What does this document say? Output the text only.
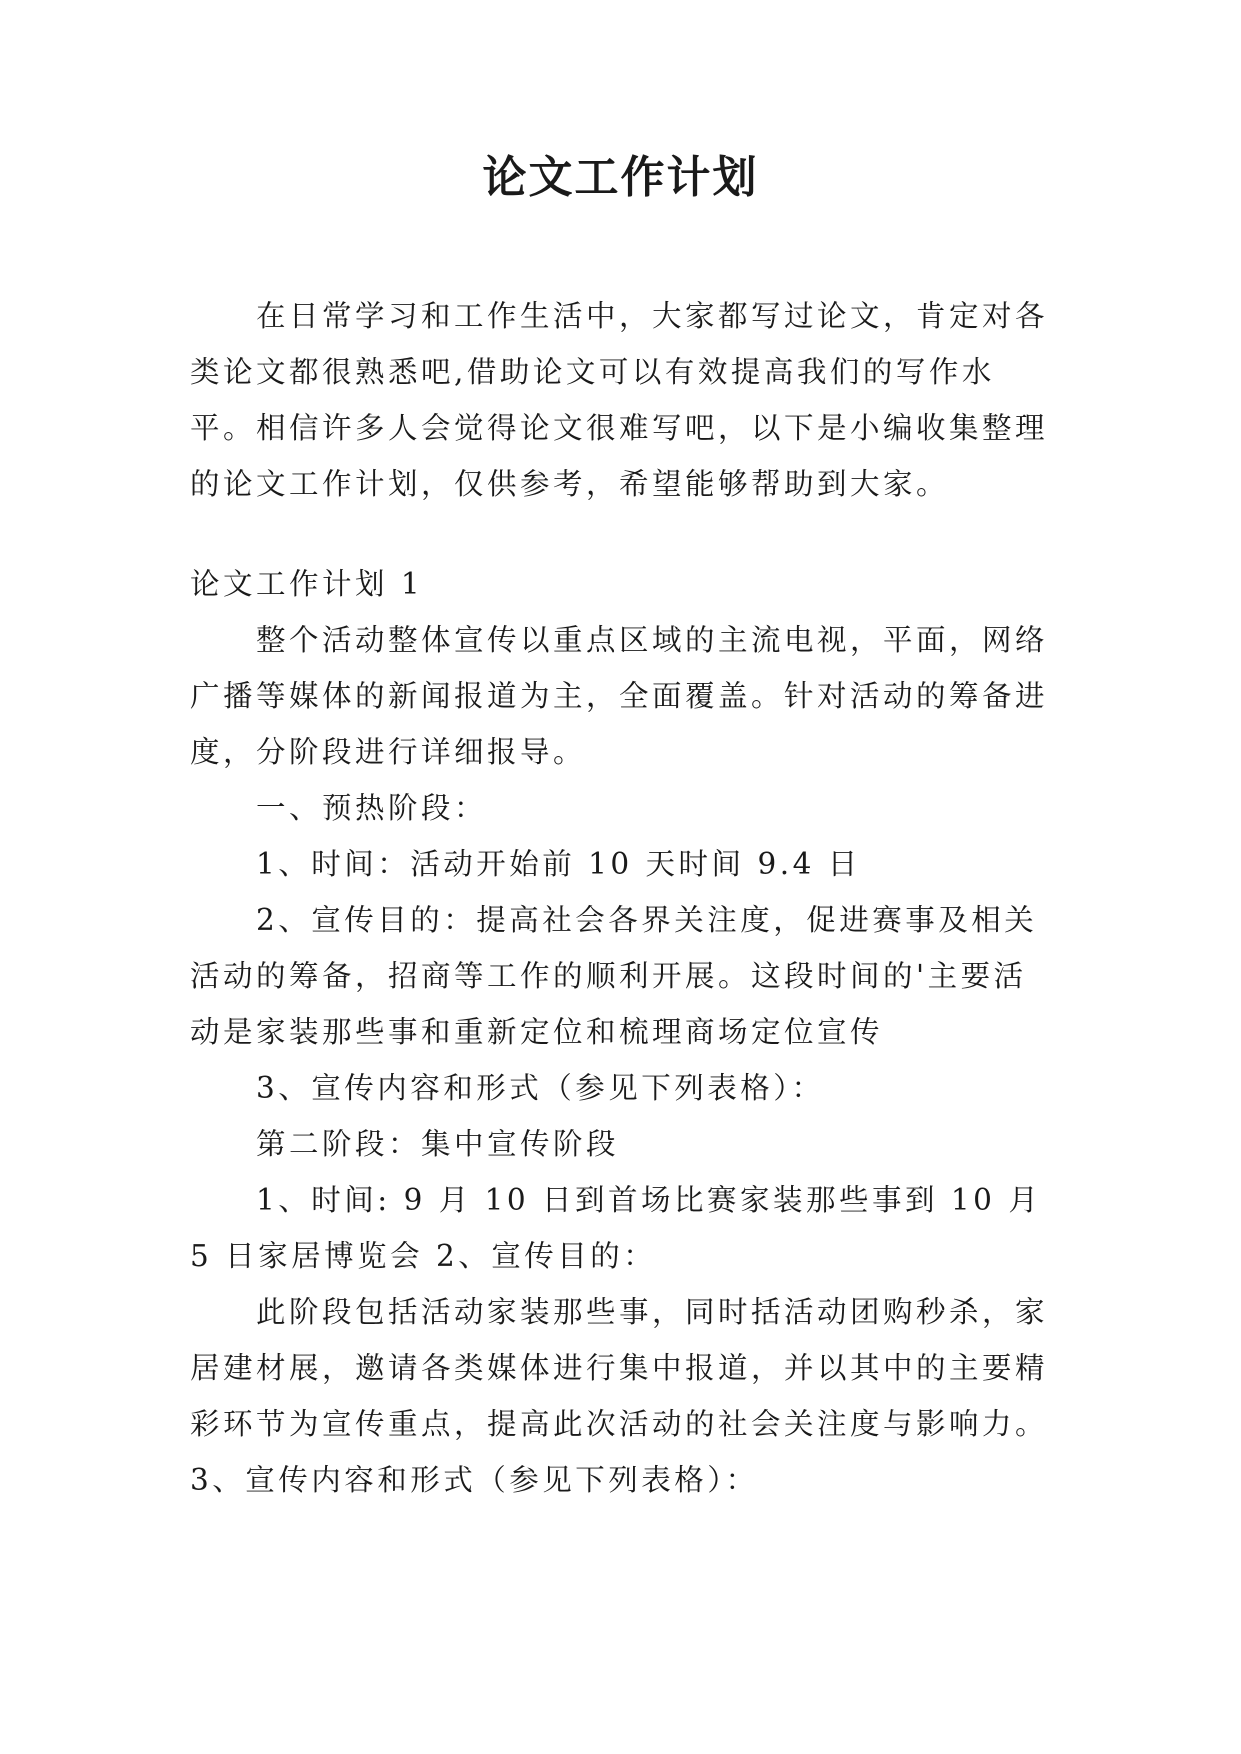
论文工作计划

在日常学习和工作生活中，大家都写过论文，肯定对各类论文都很熟悉吧,借助论文可以有效提高我们的写作水平。相信许多人会觉得论文很难写吧，以下是小编收集整理的论文工作计划，仅供参考，希望能够帮助到大家。

论文工作计划 1

整个活动整体宣传以重点区域的主流电视，平面，网络广播等媒体的新闻报道为主，全面覆盖。针对活动的筹备进度，分阶段进行详细报导。

一、预热阶段：

1、时间：活动开始前 10 天时间 9.4 日

2、宣传目的：提高社会各界关注度，促进赛事及相关活动的筹备，招商等工作的顺利开展。这段时间的'主要活动是家装那些事和重新定位和梳理商场定位宣传

3、宣传内容和形式（参见下列表格）：

第二阶段：集中宣传阶段

1、时间: 9 月 10 日到首场比赛家装那些事到 10 月 5 日家居博览会 2、宣传目的：

此阶段包括活动家装那些事，同时括活动团购秒杀，家居建材展，邀请各类媒体进行集中报道，并以其中的主要精彩环节为宣传重点，提高此次活动的社会关注度与影响力。

3、宣传内容和形式（参见下列表格）：
